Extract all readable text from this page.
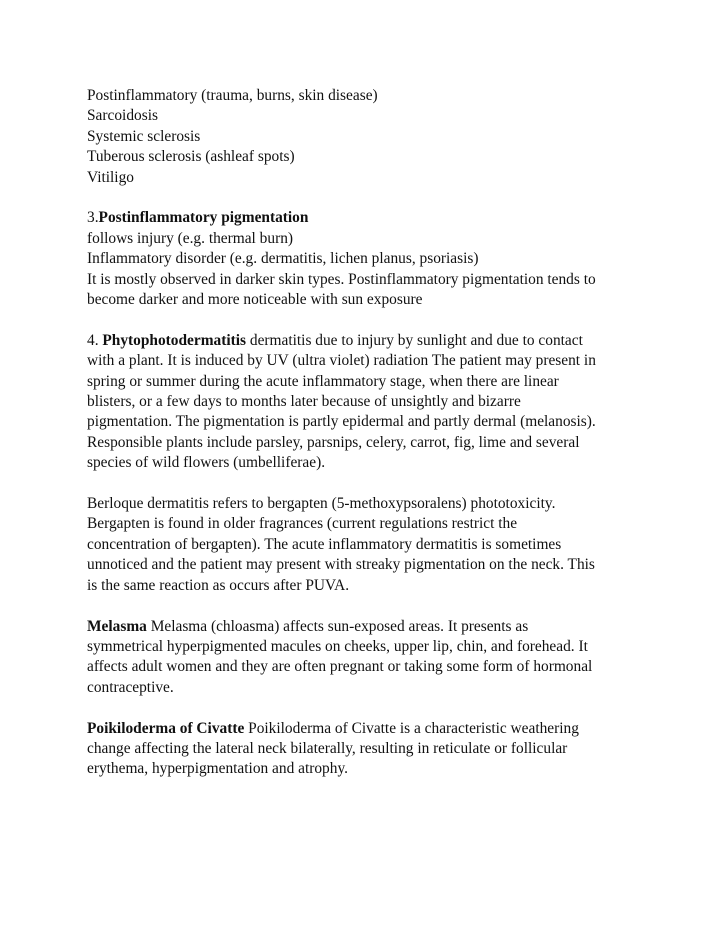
Postinflammatory (trauma, burns, skin disease)
Sarcoidosis
Systemic sclerosis
Tuberous sclerosis (ashleaf spots)
Vitiligo
3.Postinflammatory pigmentation
follows injury (e.g. thermal burn)
Inflammatory disorder (e.g. dermatitis, lichen planus, psoriasis)
It is mostly observed in darker skin types. Postinflammatory pigmentation tends to
become darker and more noticeable with sun exposure
4. Phytophotodermatitis dermatitis due to injury by sunlight and due to contact
with a plant. It is induced by UV (ultra violet) radiation The patient may present in
spring or summer during the acute inflammatory stage, when there are linear
blisters, or a few days to months later because of unsightly and bizarre
pigmentation. The pigmentation is partly epidermal and partly dermal (melanosis).
Responsible plants include parsley, parsnips, celery, carrot, fig, lime and several
species of wild flowers (umbelliferae).
Berloque dermatitis refers to bergapten (5-methoxypsoralens) phototoxicity.
Bergapten is found in older fragrances (current regulations restrict the
concentration of bergapten). The acute inflammatory dermatitis is sometimes
unnoticed and the patient may present with streaky pigmentation on the neck. This
is the same reaction as occurs after PUVA.
Melasma Melasma (chloasma) affects sun-exposed areas. It presents as
symmetrical hyperpigmented macules on cheeks, upper lip, chin, and forehead. It
affects adult women and they are often pregnant or taking some form of hormonal
contraceptive.
Poikiloderma of Civatte Poikiloderma of Civatte is a characteristic weathering
change affecting the lateral neck bilaterally, resulting in reticulate or follicular
erythema, hyperpigmentation and atrophy.
